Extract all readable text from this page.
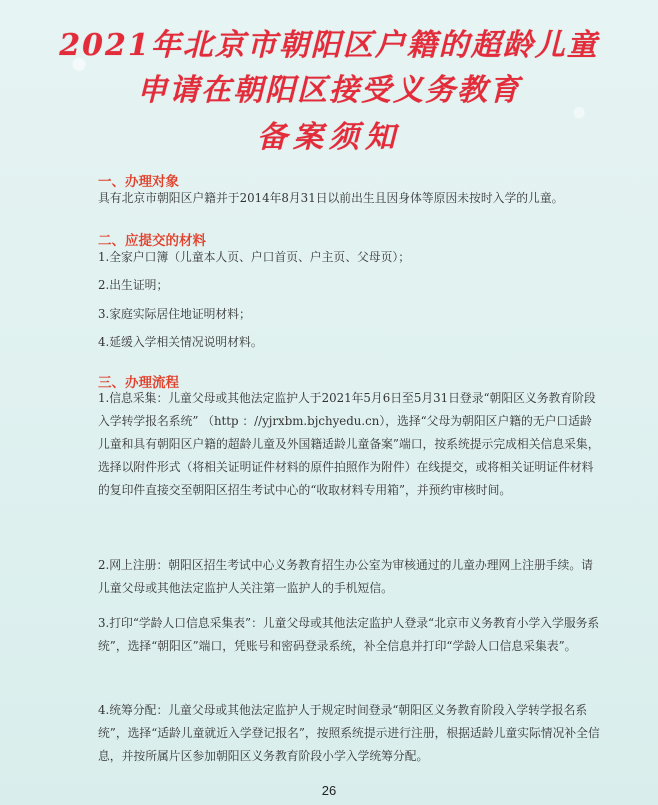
2021年北京市朝阳区户籍的超龄儿童
申请在朝阳区接受义务教育
备案须知
一、办理对象
具有北京市朝阳区户籍并于2014年8月31日以前出生且因身体等原因未按时入学的儿童。
二、应提交的材料
1.全家户口簿（儿童本人页、户口首页、户主页、父母页）；
2.出生证明；
3.家庭实际居住地证明材料；
4.延缓入学相关情况说明材料。
三、办理流程
1.信息采集：儿童父母或其他法定监护人于2021年5月6日至5月31日登录“朝阳区义务教育阶段入学转学报名系统” （http ：//yjrxbm.bjchyedu.cn），选择“父母为朝阳区户籍的无户口适龄儿童和具有朝阳区户籍的超龄儿童及外国籍适龄儿童备案”端口，按系统提示完成相关信息采集，选择以附件形式（将相关证明证件材料的原件拍照作为附件）在线提交，或将相关证明证件材料的复印件直接交至朝阳区招生考试中心的“收取材料专用箱”，并预约审核时间。
2.网上注册：朝阳区招生考试中心义务教育招生办公室为审核通过的儿童办理网上注册手续。请儿童父母或其他法定监护人关注第一监护人的手机短信。
3.打印“学龄人口信息采集表”：儿童父母或其他法定监护人登录“北京市义务教育小学入学服务系统”，选择“朝阳区”端口，凭账号和密码登录系统，补全信息并打印“学龄人口信息采集表”。
4.统筹分配：儿童父母或其他法定监护人于规定时间登录“朝阳区义务教育阶段入学转学报名系统”，选择“适龄儿童就近入学登记报名”，按照系统提示进行注册，根据适龄儿童实际情况补全信息，并按所属片区参加朝阳区义务教育阶段小学入学统筹分配。
26
